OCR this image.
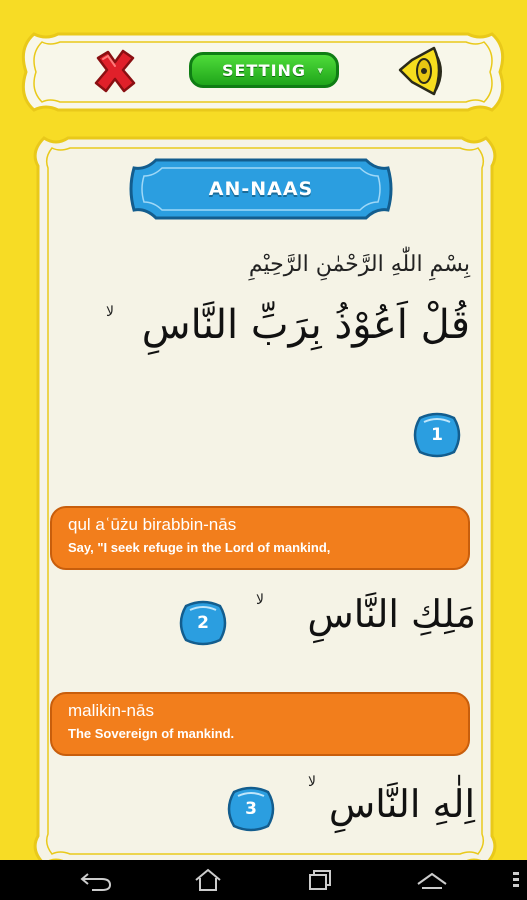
SETTING ▾
AN-NAAS
بِسْمِ اللّٰهِ الرَّحْمٰنِ الرَّحِيْمِ
قُلْ اَعُوْذُ بِرَبِّ النَّاسِ
لا
1
qul aʿūżu birabbin-nās
Say, "I seek refuge in the Lord of mankind,
2	مَلِكِ النَّاسِ
لا
malikin-nās
The Sovereign of mankind.
3	اِلٰهِ النَّاسِ
لا
